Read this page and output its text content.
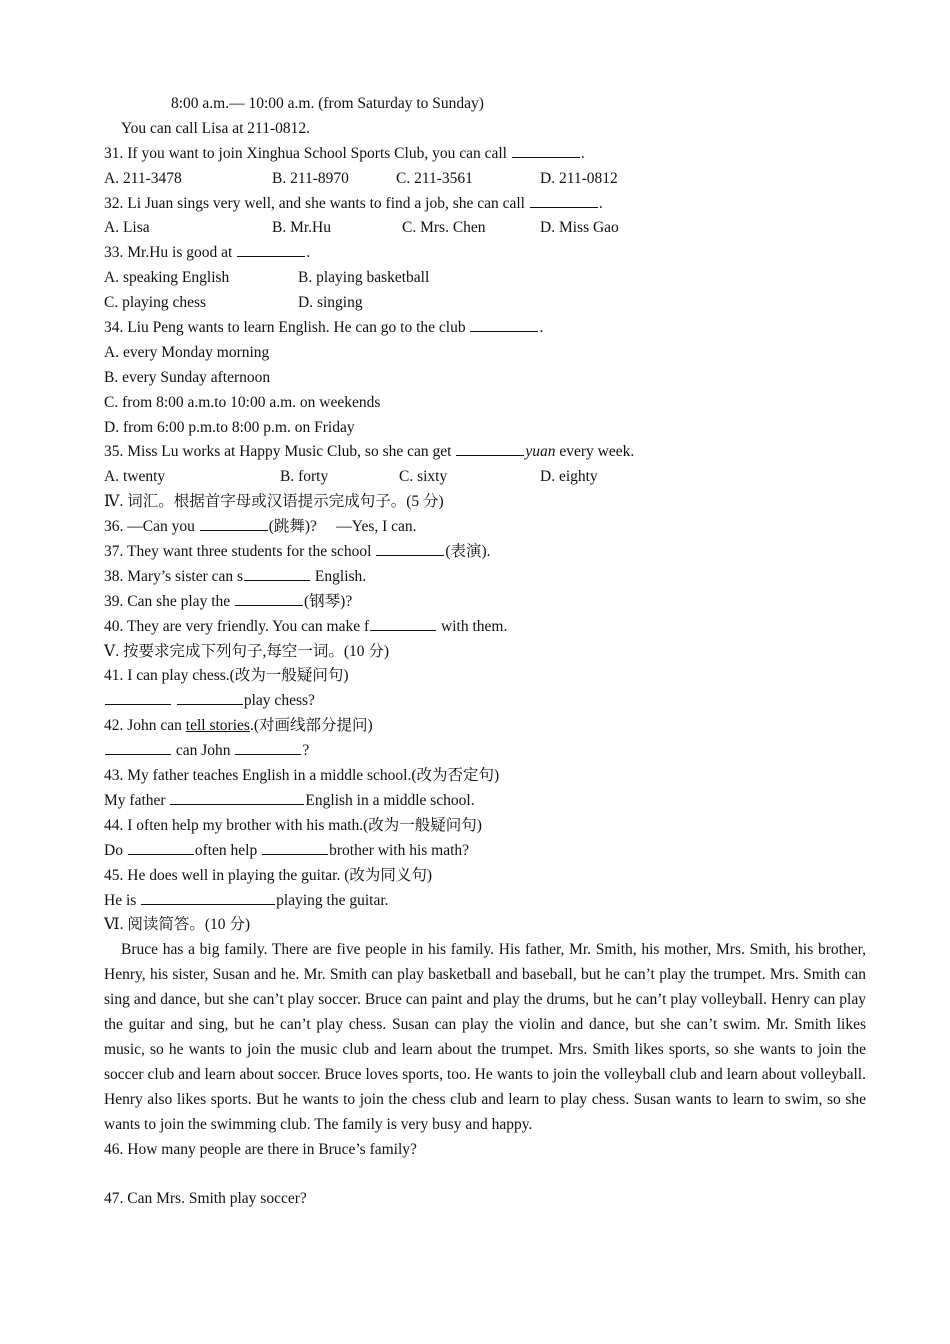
8:00 a.m.— 10:00 a.m. (from Saturday to Sunday)
You can call Lisa at 211-0812.
31. If you want to join Xinghua School Sports Club, you can call	.
A. 211-3478	B. 211-8970	C. 211-3561	D. 211-0812
32. Li Juan sings very well, and she wants to find a job, she can call	.
A. Lisa	B. Mr.Hu	C. Mrs. Chen	D. Miss Gao
33. Mr.Hu is good at	.
A. speaking English	B. playing basketball
C. playing chess	D. singing
34. Liu Peng wants to learn English. He can go to the club	.
A. every Monday morning
B. every Sunday afternoon
C. from 8:00 a.m.to 10:00 a.m. on weekends
D. from 6:00 p.m.to 8:00 p.m. on Friday
35. Miss Lu works at Happy Music Club, so she can get	yuan every week.
A. twenty	B. forty	C. sixty	D. eighty
Ⅳ. 词汇。根据首字母或汉语提示完成句子。(5 分)
36. —Can you	(跳舞)?　 —Yes, I can.
37. They want three students for the school	(表演).
38. Mary’s sister can s	English.
39. Can she play the	(钢琴)?
40. They are very friendly. You can make f	with them.
Ⅴ. 按要求完成下列句子,每空一词。(10 分)
41. I can play chess.(改为一般疑问句)
play chess?
42. John can tell stories.(对画线部分提问)
can John	?
43. My father teaches English in a middle school.(改为否定句)
My father	English in a middle school.
44. I often help my brother with his math.(改为一般疑问句)
Do	often help	brother with his math?
45. He does well in playing the guitar. (改为同义句)
He is	playing the guitar.
Ⅵ. 阅读简答。(10 分)
Bruce has a big family. There are five people in his family. His father, Mr. Smith, his mother, Mrs. Smith, his brother, Henry, his sister, Susan and he. Mr. Smith can play basketball and baseball, but he can’t play the trumpet. Mrs. Smith can sing and dance, but she can’t play soccer. Bruce can paint and play the drums, but he can’t play volleyball. Henry can play the guitar and sing, but he can’t play chess. Susan can play the violin and dance, but she can’t swim. Mr. Smith likes music, so he wants to join the music club and learn about the trumpet. Mrs. Smith likes sports, so she wants to join the soccer club and learn about soccer. Bruce loves sports, too. He wants to join the volleyball club and learn about volleyball. Henry also likes sports. But he wants to join the chess club and learn to play chess. Susan wants to learn to swim, so she wants to join the swimming club. The family is very busy and happy.
46. How many people are there in Bruce’s family?
47. Can Mrs. Smith play soccer?
